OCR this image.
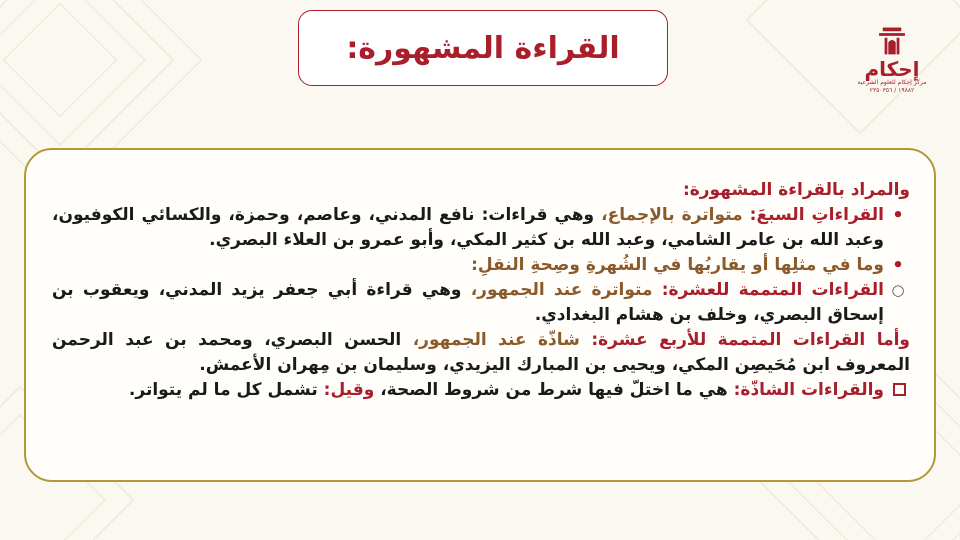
القراءة المشهورة:
إحكام
مركز إحكام للعلوم الشرعية
١٩٨٨٢ / ٢٣٥٠٣٥٦

والمراد بالقراءة المشهورة:

•
القراءاتِ السبعَ: متواترة بالإجماع، وهي قراءات: نافع المدني، وعاصم، وحمزة، والكسائي الكوفيون، وعبد الله بن عامر الشامي، وعبد الله بن كثير المكي، وأبو عمرو بن العلاء البصري.
•
وما في مثلِها أو يقاربُها في الشُهرةِ وصِحةِ النقلِ:
○
القراءات المتممة للعشرة: متواترة عند الجمهور، وهي قراءة أبي جعفر يزيد المدني، ويعقوب بن إسحاق البصري، وخلف بن هشام البغدادي.

وأما القراءات المتممة للأربع عشرة: شاذّة عند الجمهور، الحسن البصري، ومحمد بن عبد الرحمن المعروف ابن مُحَيصِن المكي، ويحيى بن المبارك اليزيدي، وسليمان بن مِهران الأعمش.

والقراءات الشاذّة: هي ما اختلّ فيها شرط من شروط الصحة، وقيل: تشمل كل ما لم يتواتر.
